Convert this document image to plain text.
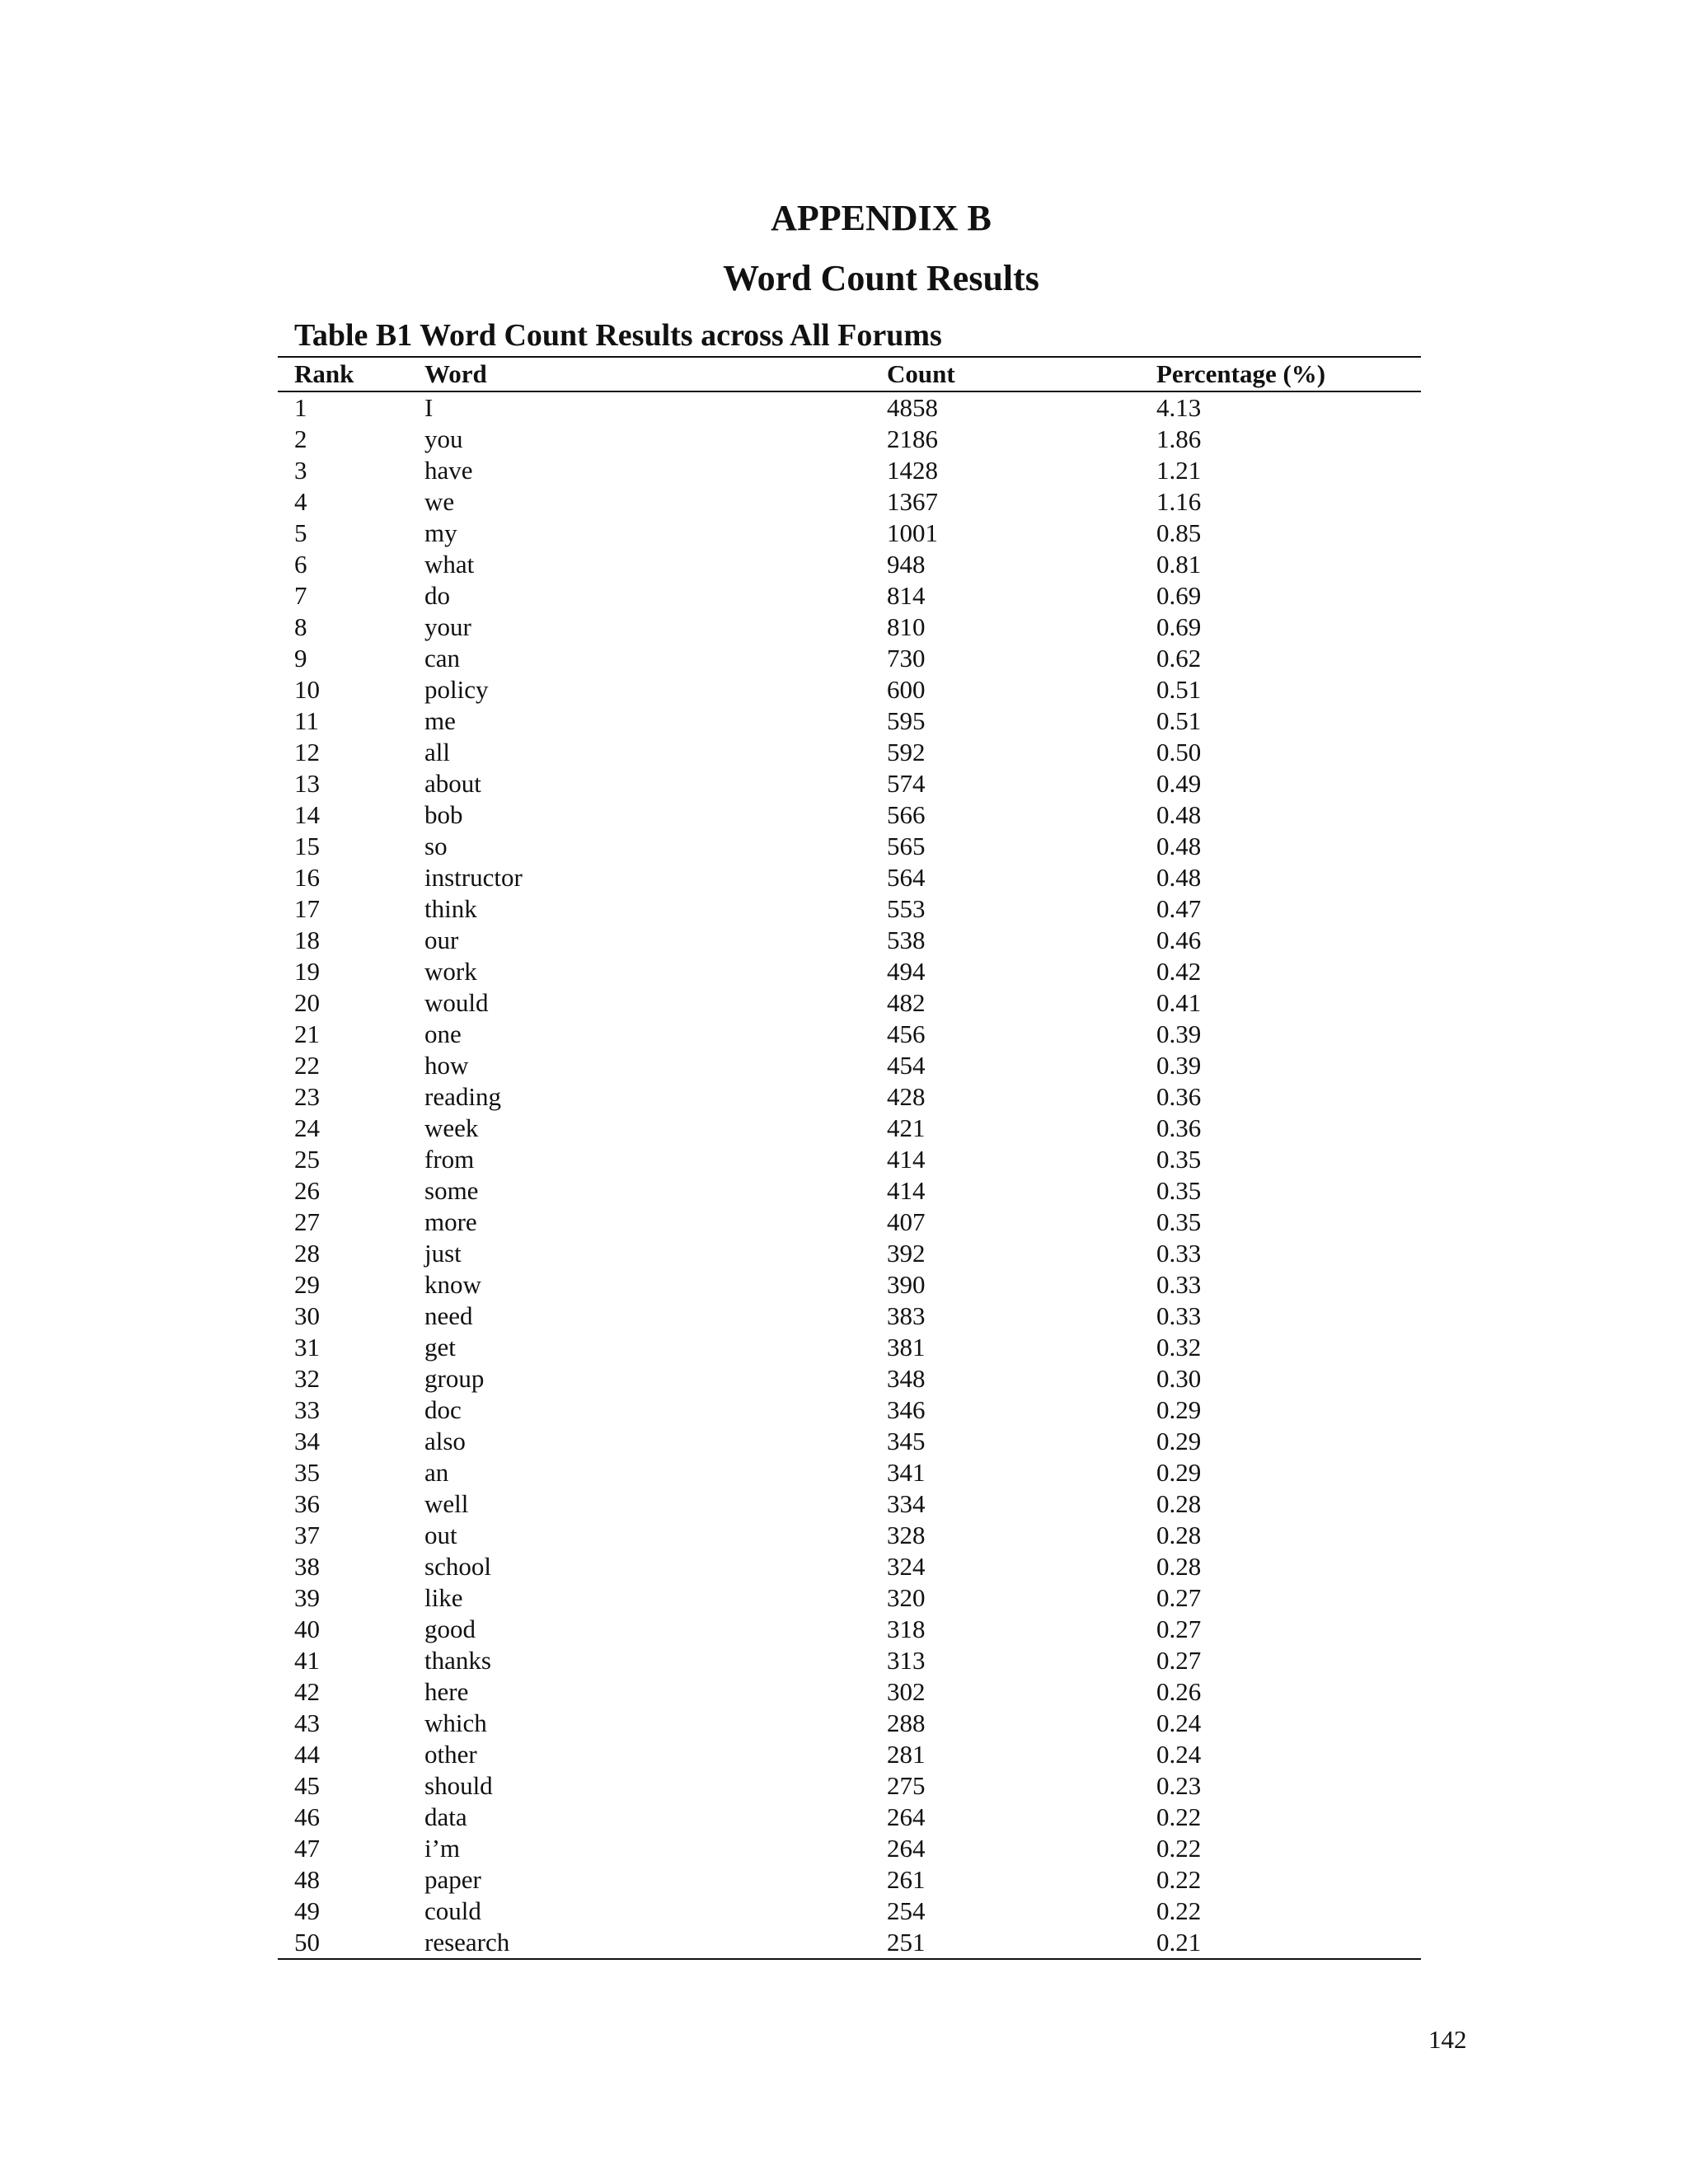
APPENDIX B
Word Count Results
Table B1 Word Count Results across All Forums
Rank	Word	Count	Percentage (%)
1	I	4858	4.13
2	you	2186	1.86
3	have	1428	1.21
4	we	1367	1.16
5	my	1001	0.85
6	what	948	0.81
7	do	814	0.69
8	your	810	0.69
9	can	730	0.62
10	policy	600	0.51
11	me	595	0.51
12	all	592	0.50
13	about	574	0.49
14	bob	566	0.48
15	so	565	0.48
16	instructor	564	0.48
17	think	553	0.47
18	our	538	0.46
19	work	494	0.42
20	would	482	0.41
21	one	456	0.39
22	how	454	0.39
23	reading	428	0.36
24	week	421	0.36
25	from	414	0.35
26	some	414	0.35
27	more	407	0.35
28	just	392	0.33
29	know	390	0.33
30	need	383	0.33
31	get	381	0.32
32	group	348	0.30
33	doc	346	0.29
34	also	345	0.29
35	an	341	0.29
36	well	334	0.28
37	out	328	0.28
38	school	324	0.28
39	like	320	0.27
40	good	318	0.27
41	thanks	313	0.27
42	here	302	0.26
43	which	288	0.24
44	other	281	0.24
45	should	275	0.23
46	data	264	0.22
47	i’m	264	0.22
48	paper	261	0.22
49	could	254	0.22
50	research	251	0.21
142
